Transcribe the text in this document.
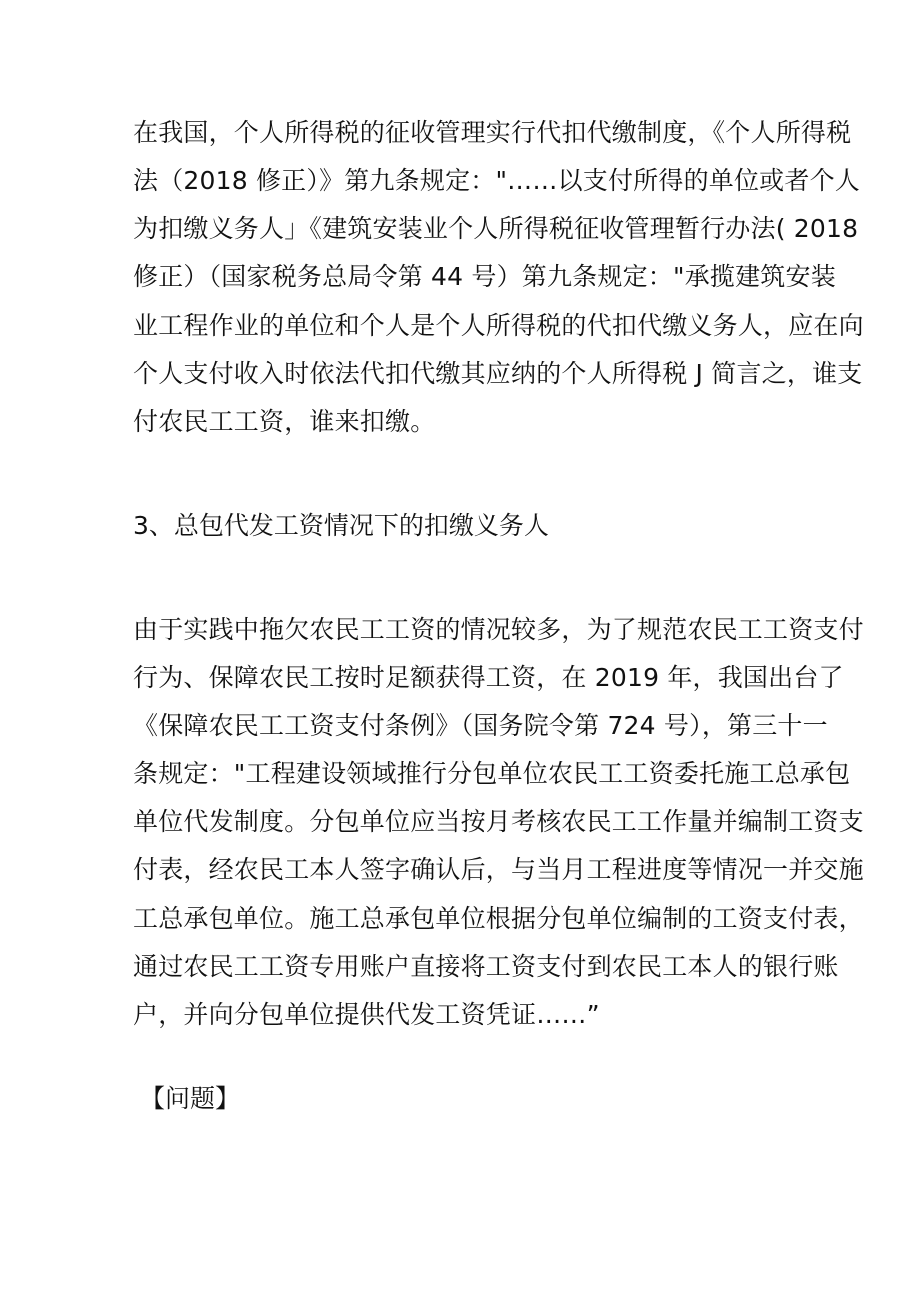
在我国，个人所得税的征收管理实行代扣代缴制度，《个人所得税
法（2018 修正）》第九条规定："……以支付所得的单位或者个人
为扣缴义务人」《建筑安装业个人所得税征收管理暂行办法( 2018
修正）（国家税务总局令第 44 号）第九条规定："承揽建筑安装
业工程作业的单位和个人是个人所得税的代扣代缴义务人，应在向
个人支付收入时依法代扣代缴其应纳的个人所得税 J 简言之，谁支
付农民工工资，谁来扣缴。
3、总包代发工资情况下的扣缴义务人
由于实践中拖欠农民工工资的情况较多，为了规范农民工工资支付
行为、保障农民工按时足额获得工资，在 2019 年，我国出台了
《保障农民工工资支付条例》（国务院令第 724 号），第三十一
条规定："工程建设领域推行分包单位农民工工资委托施工总承包
单位代发制度。分包单位应当按月考核农民工工作量并编制工资支
付表，经农民工本人签字确认后，与当月工程进度等情况一并交施
工总承包单位。施工总承包单位根据分包单位编制的工资支付表，
通过农民工工资专用账户直接将工资支付到农民工本人的银行账
户，并向分包单位提供代发工资凭证……”
【问题】
